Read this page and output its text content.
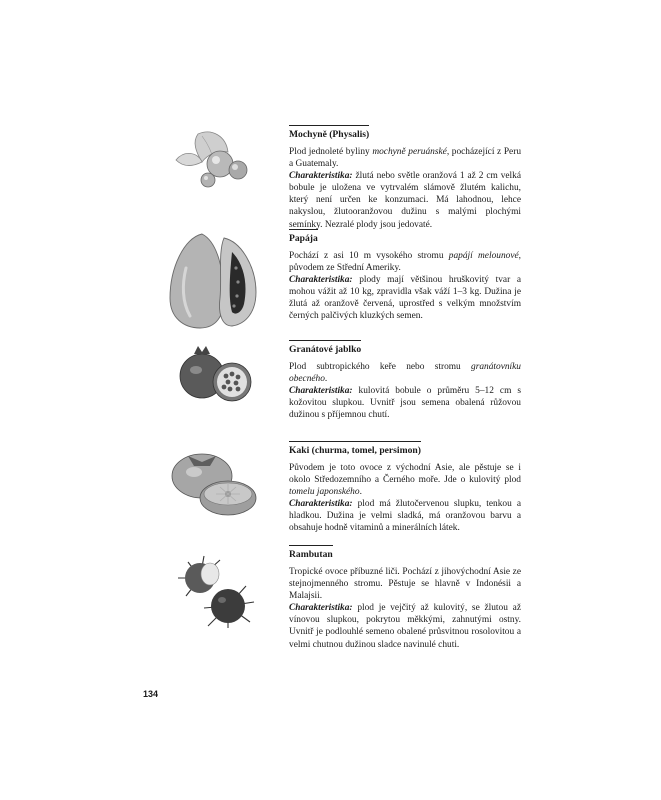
Mochyně (Physalis)

Plod jednoleté byliny mochyně peruánské, pocházející z Peru a Guatemaly.

Charakteristika: žlutá nebo světle oranžová 1 až 2 cm velká bobule je uložena ve vytrvalém slámově žlutém kalichu, který není určen ke konzumaci. Má lahodnou, lehce nakyslou, žlutooranžovou dužinu s malými plochými semínky. Nezralé plody jsou jedovaté.

Papája

Pochází z asi 10 m vysokého stromu papájí melounové, původem ze Střední Ameriky.

Charakteristika: plody mají většinou hruškovitý tvar a mohou vážit až 10 kg, zpravidla však váží 1–3 kg. Dužina je žlutá až oranžově červená, uprostřed s velkým množstvím černých palčivých kluzkých semen.

Granátové jablko

Plod subtropického keře nebo stromu granátovníku obecného.

Charakteristika: kulovitá bobule o průměru 5–12 cm s kožovitou slupkou. Uvnitř jsou semena obalená růžovou dužinou s příjemnou chutí.

Kaki (churma, tomel, persimon)

Původem je toto ovoce z východní Asie, ale pěstuje se i okolo Středozemního a Černého moře. Jde o kulovitý plod tomelu japonského.

Charakteristika: plod má žlutočervenou slupku, tenkou a hladkou. Dužina je velmi sladká, má oranžovou barvu a obsahuje hodně vitaminů a minerálních látek.

Rambutan

Tropické ovoce příbuzné liči. Pochází z jihovýchodní Asie ze stejnojmenného stromu. Pěstuje se hlavně v Indonésii a Malajsii.

Charakteristika: plod je vejčitý až kulovitý, se žlutou až vínovou slupkou, pokrytou měkkými, zahnutými ostny. Uvnitř je podlouhlé semeno obalené průsvitnou rosolovitou a velmi chutnou dužinou sladce navinulé chuti.

134
